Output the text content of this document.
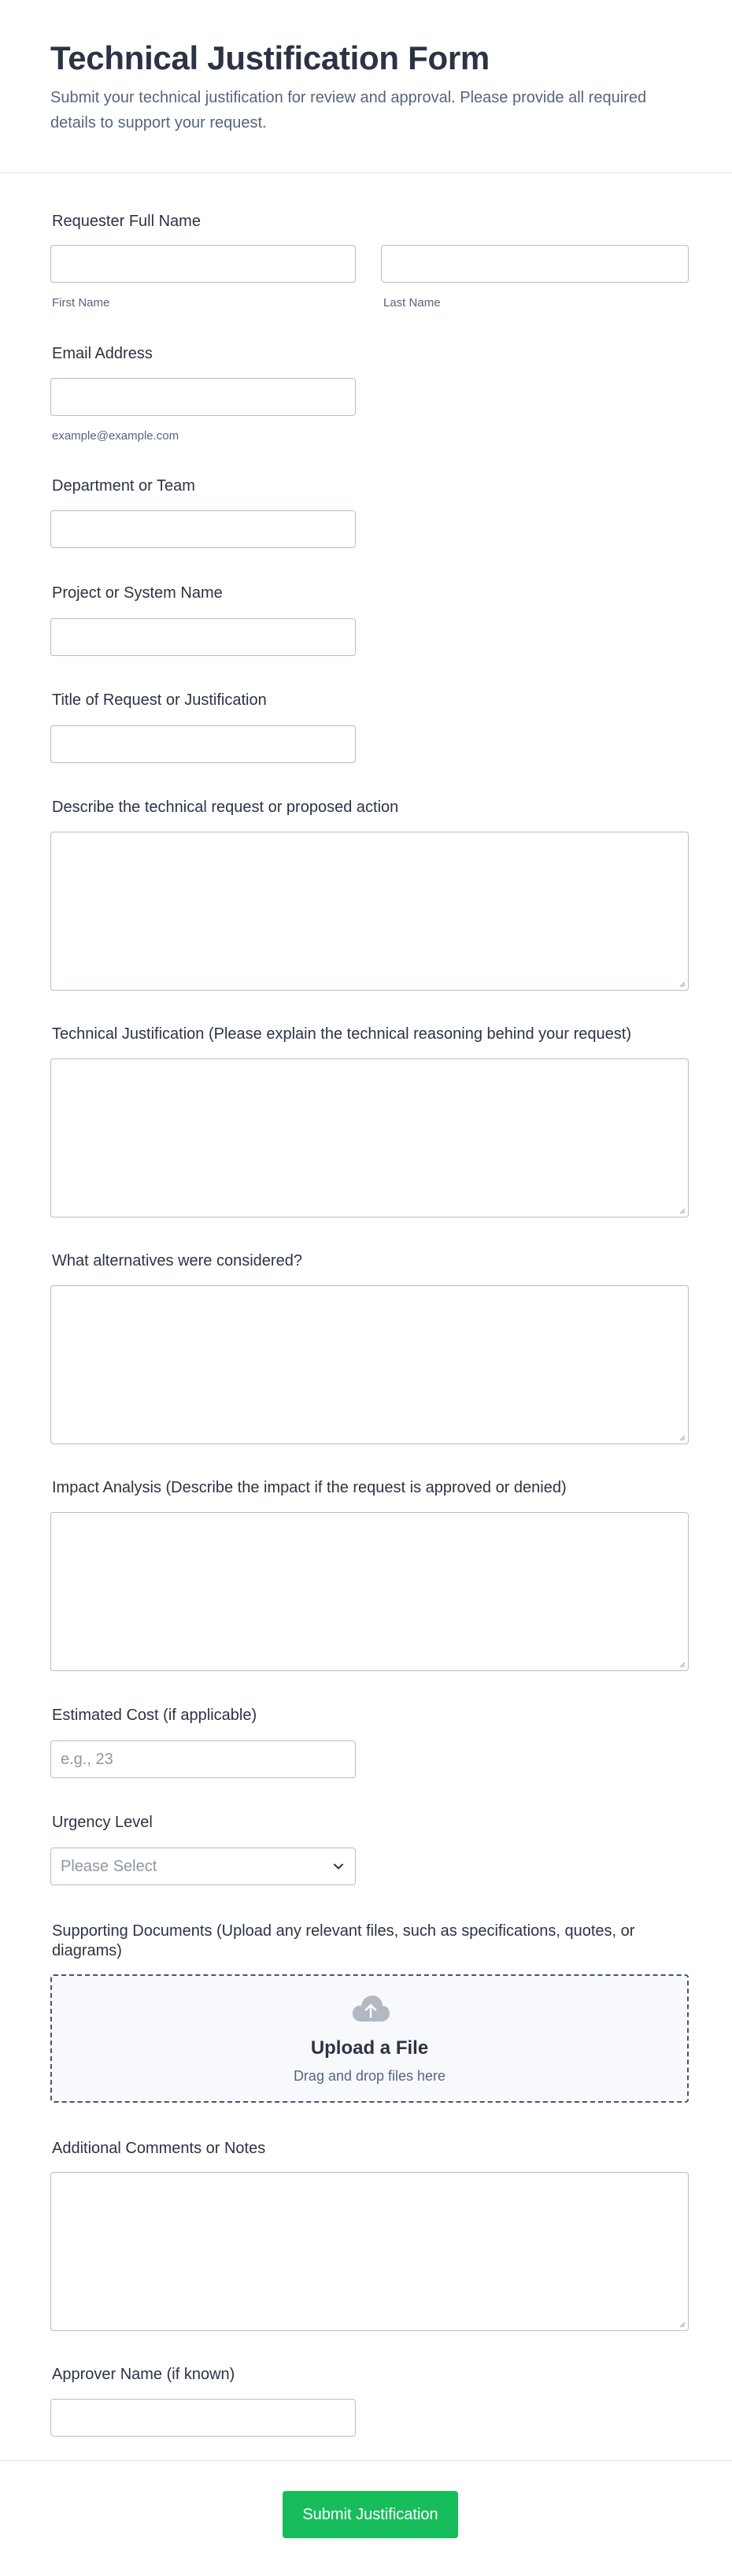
Technical Justification Form

Submit your technical justification for review and approval. Please provide all required details to support your request.

Requester Full Name
First Name	Last Name
Email Address
example@example.com
Department or Team
Project or System Name
Title of Request or Justification
Describe the technical request or proposed action
Technical Justification (Please explain the technical reasoning behind your request)
What alternatives were considered?
Impact Analysis (Describe the impact if the request is approved or denied)
Estimated Cost (if applicable)
e.g., 23
Urgency Level
Please Select
Supporting Documents (Upload any relevant files, such as specifications, quotes, or diagrams)
Upload a File
Drag and drop files here
Additional Comments or Notes
Approver Name (if known)
Submit Justification
